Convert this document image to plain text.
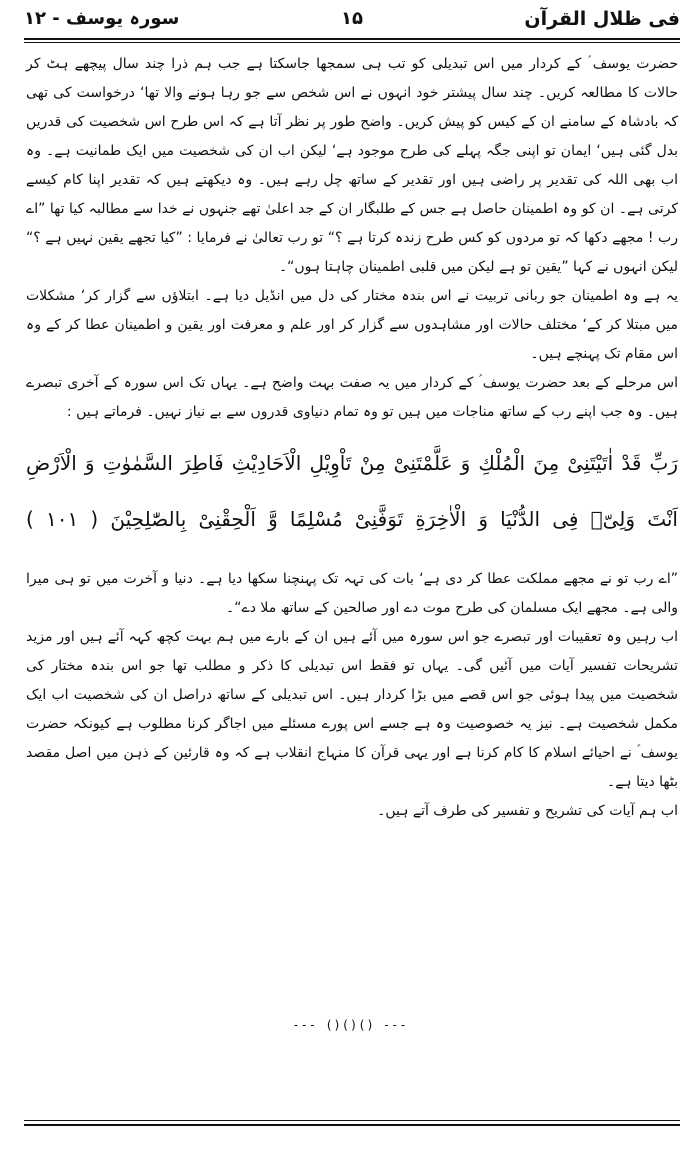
فی ظلال القرآن
۱۵
سورہ یوسف - ۱۲

حضرت یوسف ؑ کے کردار میں اس تبدیلی کو تب ہی سمجھا جاسکتا ہے جب ہم ذرا چند سال پیچھے ہٹ کر حالات کا مطالعہ کریں۔ چند سال پیشتر خود انہوں نے اس شخص سے جو رہا ہونے والا تھا‘ درخواست کی تھی کہ بادشاہ کے سامنے ان کے کیس کو پیش کریں۔ واضح طور پر نظر آتا ہے کہ اس طرح اس شخصیت کی قدریں بدل گئی ہیں‘ ایمان تو اپنی جگہ پہلے کی طرح موجود ہے‘ لیکن اب ان کی شخصیت میں ایک طمانیت ہے۔ وہ اب بھی اللہ کی تقدیر پر راضی ہیں اور تقدیر کے ساتھ چل رہے ہیں۔ وہ دیکھتے ہیں کہ تقدیر اپنا کام کیسے کرتی ہے۔ ان کو وہ اطمینان حاصل ہے جس کے طلبگار ان کے جد اعلیٰ تھے جنہوں نے خدا سے مطالبہ کیا تھا ”اے رب ! مجھے دکھا کہ تو مردوں کو کس طرح زندہ کرتا ہے ؟“ تو رب تعالیٰ نے فرمایا : ”کیا تجھے یقین نہیں ہے ؟“ لیکن انہوں نے کہا ”یقین تو ہے لیکن میں قلبی اطمینان چاہتا ہوں“۔

یہ ہے وہ اطمینان جو ربانی تربیت نے اس بندہ مختار کی دل میں انڈیل دیا ہے۔ ابتلاؤں سے گزار کر‘ مشکلات میں مبتلا کر کے‘ مختلف حالات اور مشاہدوں سے گزار کر اور علم و معرفت اور یقین و اطمینان عطا کر کے وہ اس مقام تک پہنچے ہیں۔

اس مرحلے کے بعد حضرت یوسف ؑ کے کردار میں یہ صفت بہت واضح ہے۔ یہاں تک اس سورہ کے آخری تبصرے ہیں۔ وہ جب اپنے رب کے ساتھ مناجات میں ہیں تو وہ تمام دنیاوی قدروں سے بے نیاز نہیں۔ فرماتے ہیں :

رَبِّ قَدْ اٰتَیْتَنِیْ مِنَ الْمُلْكِ وَ عَلَّمْتَنِیْ مِنْ تَاْوِیْلِ الْاَحَادِیْثِ فَاطِرَ السَّمٰوٰتِ وَ الْاَرْضِ اَنْتَ وَلِیّٖ فِی الدُّنْیَا وَ الْاٰخِرَةِ تَوَفَّنِیْ مُسْلِمًا وَّ اَلْحِقْنِیْ بِالصّٰلِحِیْنَ ( ۱۰۱ )

”اے رب تو نے مجھے مملکت عطا کر دی ہے‘ بات کی تہہ تک پہنچنا سکھا دیا ہے۔ دنیا و آخرت میں تو ہی میرا والی ہے۔ مجھے ایک مسلمان کی طرح موت دے اور صالحین کے ساتھ ملا دے“۔

اب رہیں وہ تعقیبات اور تبصرے جو اس سورہ میں آئے ہیں ان کے بارے میں ہم بہت کچھ کہہ آئے ہیں اور مزید تشریحات تفسیر آیات میں آئیں گی۔ یہاں تو فقط اس تبدیلی کا ذکر و مطلب تھا جو اس بندہ مختار کی شخصیت میں پیدا ہوئی جو اس قصے میں بڑا کردار ہیں۔ اس تبدیلی کے ساتھ دراصل ان کی شخصیت اب ایک مکمل شخصیت ہے۔ نیز یہ خصوصیت وہ ہے جسے اس پورے مسئلے میں اجاگر کرنا مطلوب ہے کیونکہ حضرت یوسف ؑ نے احیائے اسلام کا کام کرنا ہے اور یہی قرآن کا منہاج انقلاب ہے کہ وہ قارئین کے ذہن میں اصل مقصد بٹھا دیتا ہے۔

اب ہم آیات کی تشریح و تفسیر کی طرف آتے ہیں۔

--- ()()() ---
